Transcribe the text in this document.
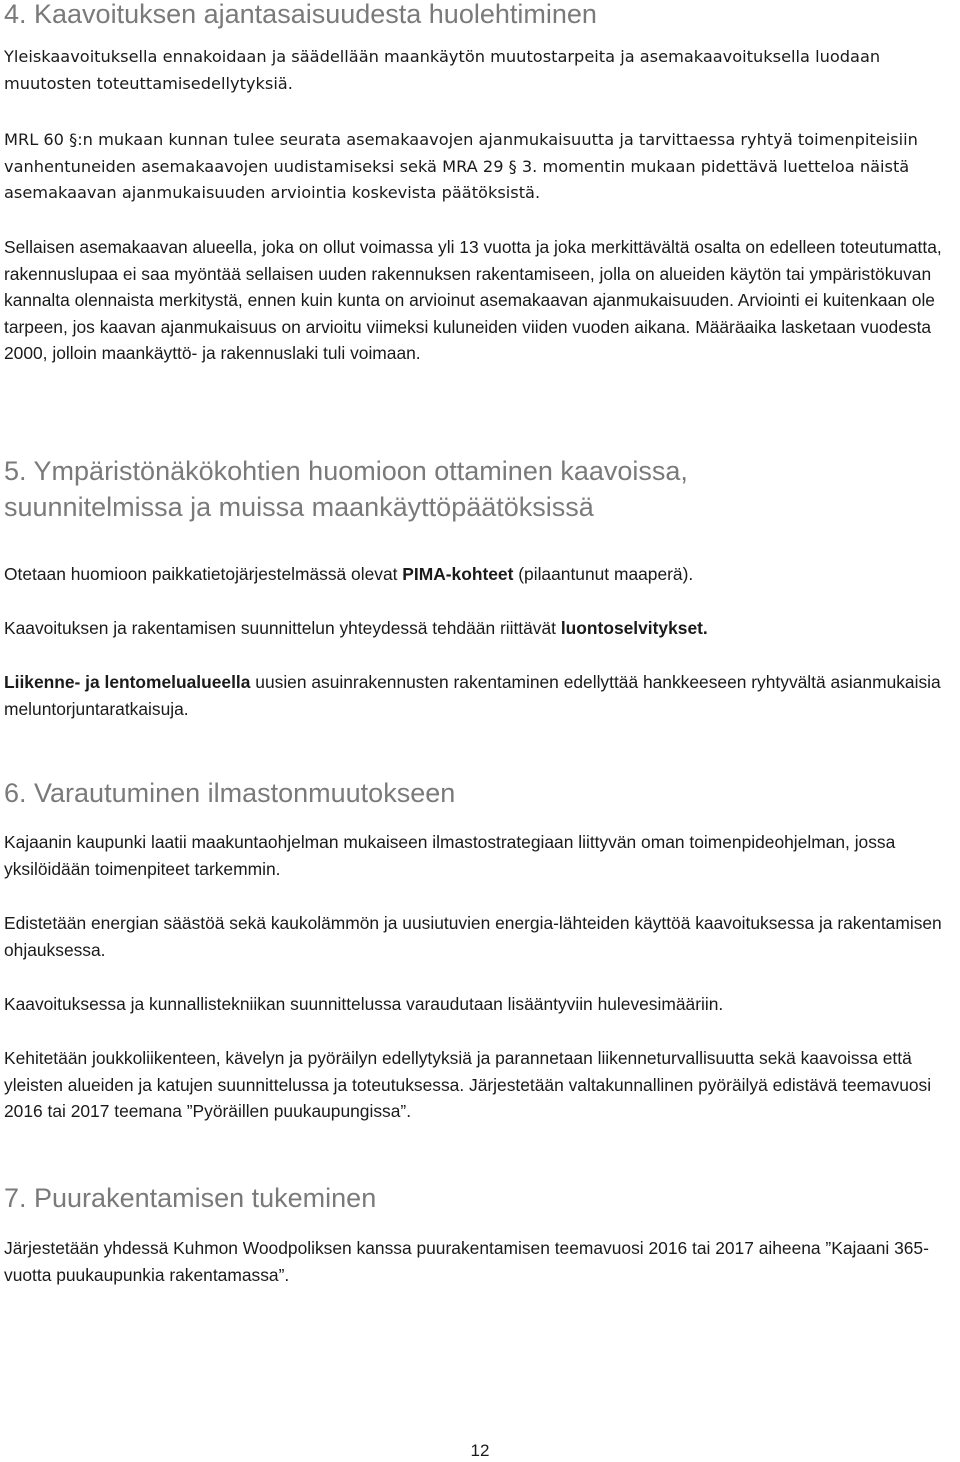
4. Kaavoituksen ajantasaisuudesta huolehtiminen

Yleiskaavoituksella ennakoidaan ja säädellään maankäytön muutostarpeita ja asemakaavoituksella luodaan muutosten toteuttamisedellytyksiä.

MRL 60 §:n mukaan kunnan tulee seurata asemakaavojen ajanmukaisuutta ja tarvittaessa ryhtyä toimenpiteisiin vanhentuneiden asemakaavojen uudistamiseksi sekä MRA 29 § 3. momentin mukaan pidettävä luetteloa näistä asemakaavan ajanmukaisuuden arviointia koskevista päätöksistä.

Sellaisen asemakaavan alueella, joka on ollut voimassa yli 13 vuotta ja joka merkittävältä osalta on edelleen toteutumatta, rakennuslupaa ei saa myöntää sellaisen uuden rakennuksen rakentamiseen, jolla on alueiden käytön tai ympäristökuvan kannalta olennaista merkitystä, ennen kuin kunta on arvioinut asemakaavan ajanmukaisuuden. Arviointi ei kuitenkaan ole tarpeen, jos kaavan ajanmukaisuus on arvioitu viimeksi kuluneiden viiden vuoden aikana. Määräaika lasketaan vuodesta 2000, jolloin maankäyttö- ja rakennuslaki tuli voimaan.

5. Ympäristönäkökohtien huomioon ottaminen kaavoissa,
suunnitelmissa ja muissa maankäyttöpäätöksissä

Otetaan huomioon paikkatietojärjestelmässä olevat PIMA-kohteet (pilaantunut maaperä).

Kaavoituksen ja rakentamisen suunnittelun yhteydessä tehdään riittävät luontoselvitykset.

Liikenne- ja lentomelualueella uusien asuinrakennusten rakentaminen edellyttää hankkeeseen ryhtyvältä asianmukaisia meluntorjuntaratkaisuja.

6. Varautuminen ilmastonmuutokseen

Kajaanin kaupunki laatii maakuntaohjelman mukaiseen ilmastostrategiaan liittyvän oman toimenpideohjelman, jossa yksilöidään toimenpiteet tarkemmin.

Edistetään energian säästöä sekä kaukolämmön ja uusiutuvien energia-lähteiden käyttöä kaavoituksessa ja rakentamisen ohjauksessa.

Kaavoituksessa ja kunnallistekniikan suunnittelussa varaudutaan lisääntyviin hulevesimääriin.

Kehitetään joukkoliikenteen, kävelyn ja pyöräilyn edellytyksiä ja parannetaan liikenneturvallisuutta sekä kaavoissa että yleisten alueiden ja katujen suunnittelussa ja toteutuksessa. Järjestetään valtakunnallinen pyöräilyä edistävä teemavuosi 2016 tai 2017 teemana ”Pyöräillen puukaupungissa”.

7. Puurakentamisen tukeminen

Järjestetään yhdessä Kuhmon Woodpoliksen kanssa puurakentamisen teemavuosi 2016 tai 2017 aiheena ”Kajaani 365-vuotta puukaupunkia rakentamassa”.

12
